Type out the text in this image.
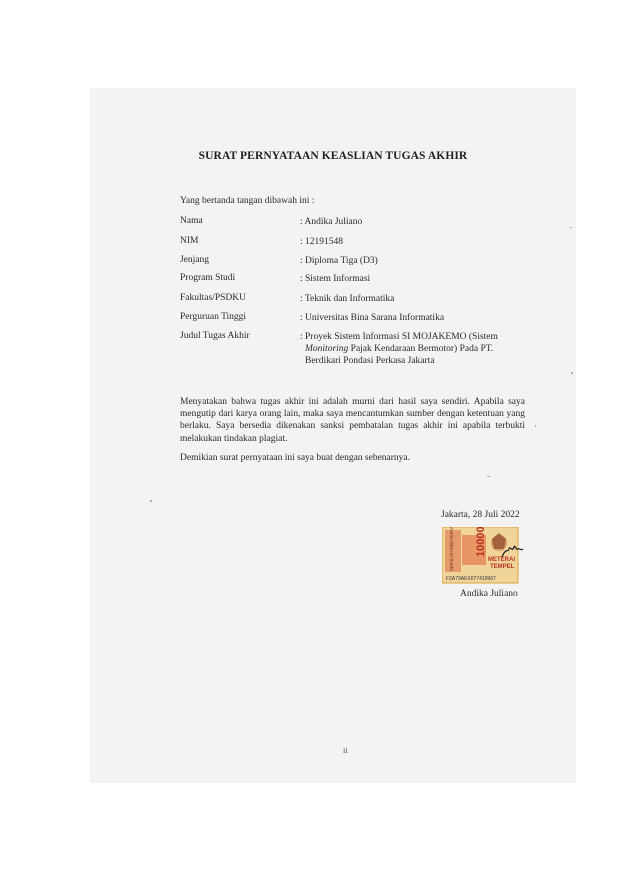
SURAT PERNYATAAN KEASLIAN TUGAS AKHIR
Yang bertanda tangan dibawah ini :
Nama	: Andika Juliano
NIM	: 12191548
Jenjang	: Diploma Tiga (D3)
Program Studi	: Sistem Informasi
Fakultas/PSDKU	: Teknik dan Informatika
Perguruan Tinggi	: Universitas Bina Sarana Informatika
Judul Tugas Akhir	: Proyek Sistem Informasi SI MOJAKEMO (Sistem
Monitoring Pajak Kendaraan Bermotor) Pada PT.
Berdikari Pondasi Perkasa Jakarta
Menyatakan bahwa tugas akhir ini adalah murni dari hasil saya sendiri. Apabila saya mengutip dari karya orang lain, maka saya mencantumkan sumber dengan ketentuan yang berlaku. Saya bersedia dikenakan sanksi pembatalan tugas akhir ini apabila terbukti melakukan tindakan plagiat.
Demikian surat pernyataan ini saya buat dengan sebenarnya.
Jakarta, 28 Juli 2022
SEPULUH RIBU RUPIAH 10000
METERAI
TEMPEL
F3A79AKX077419967
Andika Juliano
ii
